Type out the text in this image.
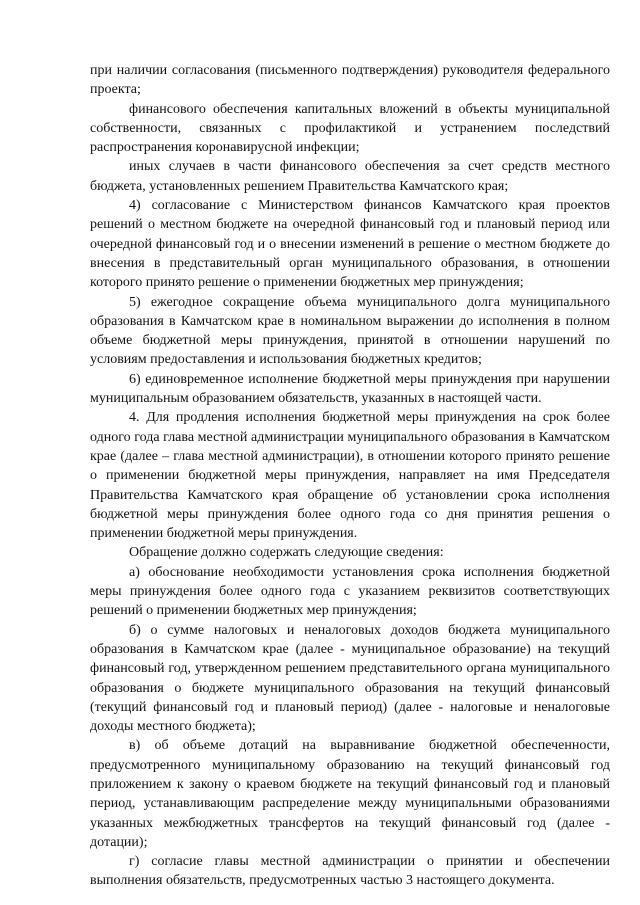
при наличии согласования (письменного подтверждения) руководителя федерального проекта;

финансового обеспечения капитальных вложений в объекты муниципальной собственности, связанных с профилактикой и устранением последствий распространения коронавирусной инфекции;

иных случаев в части финансового обеспечения за счет средств местного бюджета, установленных решением Правительства Камчатского края;

4) согласование с Министерством финансов Камчатского края проектов решений о местном бюджете на очередной финансовый год и плановый период или очередной финансовый год и о внесении изменений в решение о местном бюджете до внесения в представительный орган муниципального образования, в отношении которого принято решение о применении бюджетных мер принуждения;

5) ежегодное сокращение объема муниципального долга муниципального образования в Камчатском крае в номинальном выражении до исполнения в полном объеме бюджетной меры принуждения, принятой в отношении нарушений по условиям предоставления и использования бюджетных кредитов;

6) единовременное исполнение бюджетной меры принуждения при нарушении муниципальным образованием обязательств, указанных в настоящей части.

4. Для продления исполнения бюджетной меры принуждения на срок более одного года глава местной администрации муниципального образования в Камчатском крае (далее – глава местной администрации), в отношении которого принято решение о применении бюджетной меры принуждения, направляет на имя Председателя Правительства Камчатского края обращение об установлении срока исполнения бюджетной меры принуждения более одного года со дня принятия решения о применении бюджетной меры принуждения.

Обращение должно содержать следующие сведения:

а) обоснование необходимости установления срока исполнения бюджетной меры принуждения более одного года с указанием реквизитов соответствующих решений о применении бюджетных мер принуждения;

б) о сумме налоговых и неналоговых доходов бюджета муниципального образования в Камчатском крае (далее - муниципальное образование) на текущий финансовый год, утвержденном решением представительного органа муниципального образования о бюджете муниципального образования на текущий финансовый (текущий финансовый год и плановый период) (далее - налоговые и неналоговые доходы местного бюджета);

в) об объеме дотаций на выравнивание бюджетной обеспеченности, предусмотренного муниципальному образованию на текущий финансовый год приложением к закону о краевом бюджете на текущий финансовый год и плановый период, устанавливающим распределение между муниципальными образованиями указанных межбюджетных трансфертов на текущий финансовый год (далее - дотации);

г) согласие главы местной администрации о принятии и обеспечении выполнения обязательств, предусмотренных частью 3 настоящего документа.
